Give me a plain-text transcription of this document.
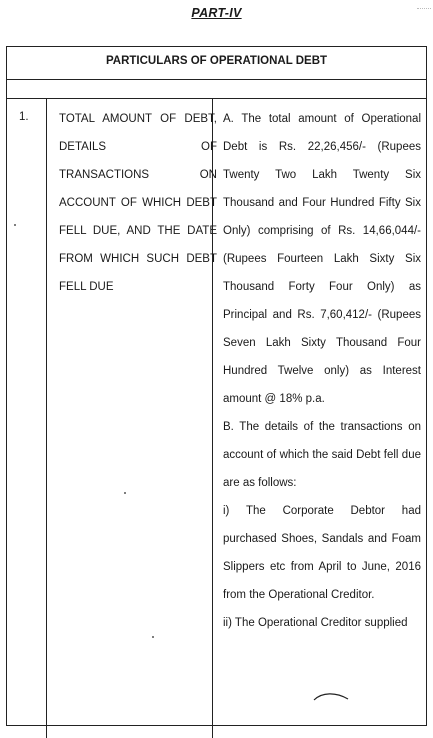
PART-IV
PARTICULARS OF OPERATIONAL DEBT
1.	TOTAL AMOUNT OF DEBT, DETAILS OF TRANSACTIONS ON ACCOUNT OF WHICH DEBT FELL DUE, AND THE DATE FROM WHICH SUCH DEBT FELL DUE

A. The total amount of Operational Debt is Rs. 22,26,456/- (Rupees Twenty Two Lakh Twenty Six Thousand and Four Hundred Fifty Six Only) comprising of Rs. 14,66,044/- (Rupees Fourteen Lakh Sixty Six Thousand Forty Four Only) as Principal and Rs. 7,60,412/- (Rupees Seven Lakh Sixty Thousand Four Hundred Twelve only) as Interest amount @ 18% p.a.

B. The details of the transactions on account of which the said Debt fell due are as follows:

i) The Corporate Debtor had purchased Shoes, Sandals and Foam Slippers etc from April to June, 2016 from the Operational Creditor.

ii) The Operational Creditor supplied
